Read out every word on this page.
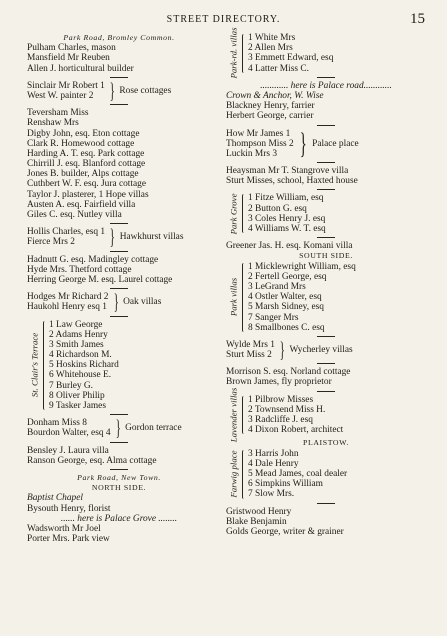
STREET DIRECTORY.	15
Park Road, Bromley Common.
Pulham Charles, mason
Mansfield Mr Reuben
Allen J. horticultural builder
Sinclair Mr Robert 1
West W. painter 2 } Rose cottages
Teversham Miss
Renshaw Mrs
Digby John, esq. Eton cottage
Clark R. Homewood cottage
Harding A. T. esq. Park cottage
Chirrill J. esq. Blanford cottage
Jones B. builder, Alps cottage
Cuthbert W. F. esq. Jura cottage
Taylor J. plasterer, 1 Hope villas
Austen A. esq. Fairfield villa
Giles C. esq. Nutley villa
Hollis Charles, esq 1
Fierce Mrs 2	} Hawkhurst villas
Hadnutt G. esq. Madingley cottage
Hyde Mrs. Thetford cottage
Herring George M. esq. Laurel cottage
Hodges Mr Richard 2
Haukohl Henry esq 1 } Oak villas
St. Clair's Terrace
1 Law George
2 Adams Henry
3 Smith James
4 Richardson M.
5 Hoskins Richard
6 Whitehouse E.
7 Burley G.
8 Oliver Philip
9 Tasker James
Donham Miss 8
Bourdon Walter, esq 4 } Gordon terrace
Bensley J. Laura villa
Ranson George, esq. Alma cottage
Park Road, New Town.
NORTH SIDE.
Baptist Chapel
Bysouth Henry, florist
...... here is Palace Grove ........
Wadsworth Mr Joel
Porter Mrs. Park view
Park-rd. villas 1 White Mrs
2 Allen Mrs
3 Emmett Edward, esq
4 Latter Miss C.
............ here is Palace road............
Crown & Anchor, W. Wise
Blackney Henry, farrier
Herbert George, carrier
How Mr James 1
Thompson Miss 2
Luckin Mrs 3 } Palace place
Heaysman Mr T. Stangrove villa
Sturt Misses, school, Haxted house
Park Grove 1 Fitze William, esq
2 Button G. esq
3 Coles Henry J. esq
4 Williams W. T. esq
Greener Jas. H. esq. Komani villa
SOUTH SIDE.
Park villas
1 Micklewright William, esq
2 Fertell George, esq
3 LeGrand Mrs
4 Ostler Walter, esq
5 Marsh Sidney, esq
7 Sanger Mrs
8 Smallbones C. esq
Wylde Mrs 1
Sturt Miss 2 } Wycherley villas
Morrison S. esq. Norland cottage
Brown James, fly proprietor
Lavender villas 1 Pilbrow Misses
2 Townsend Miss H.
3 Radcliffe J. esq
4 Dixon Robert, architect
PLAISTOW.
Farwig place 3 Harris John
4 Dale Henry
5 Mead James, coal dealer
6 Simpkins William
7 Slow Mrs.
Gristwood Henry
Blake Benjamin
Golds George, writer & grainer
